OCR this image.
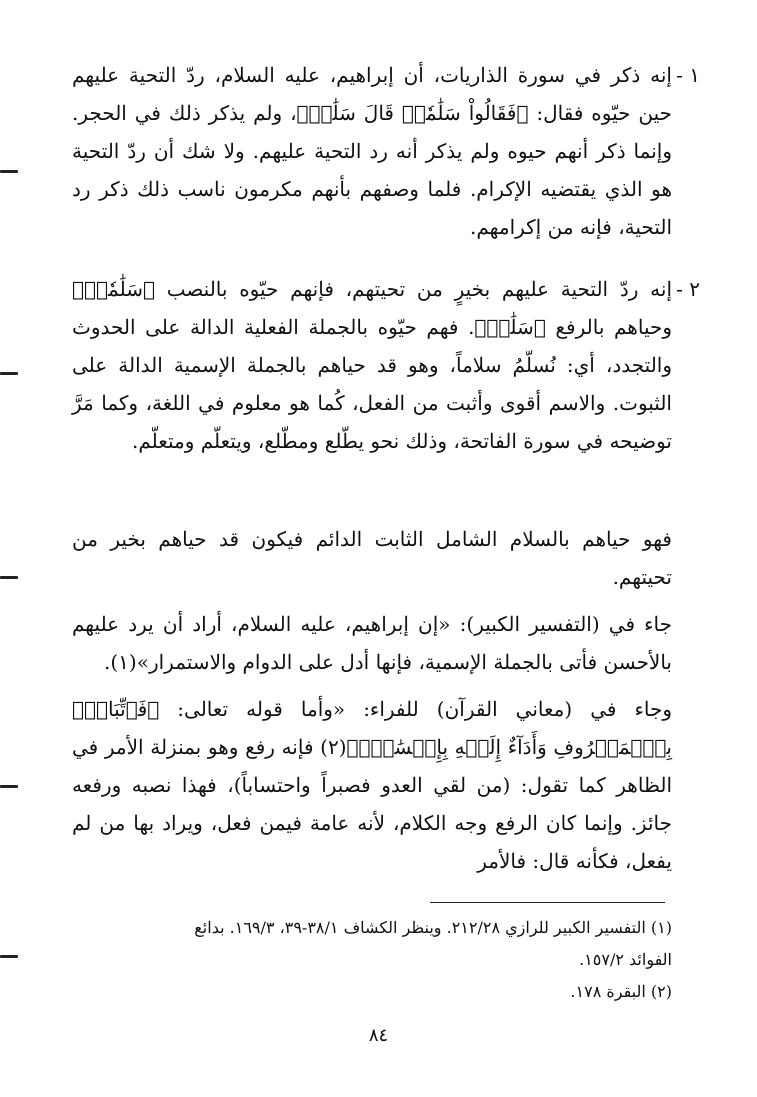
١ -
إنه ذكر في سورة الذاريات، أن إبراهيم، عليه السلام، ردّ التحية عليهم حين حيّوه فقال: ﴿فَقَالُواْ سَلَٰمٗاۖ قَالَ سَلَٰمٞ﴾، ولم يذكر ذلك في الحجر. وإنما ذكر أنهم حيوه ولم يذكر أنه رد التحية عليهم. ولا شك أن ردّ التحية هو الذي يقتضيه الإكرام. فلما وصفهم بأنهم مكرمون ناسب ذلك ذكر رد التحية، فإنه من إكرامهم.
٢ -
إنه ردّ التحية عليهم بخيرٍ من تحيتهم، فإنهم حيّوه بالنصب ﴿سَلَٰمٗاۖ﴾ وحياهم بالرفع ﴿سَلَٰمٞ﴾. فهم حيّوه بالجملة الفعلية الدالة على الحدوث والتجدد، أي: نُسلّمُ سلاماً، وهو قد حياهم بالجملة الإسمية الدالة على الثبوت. والاسم أقوى وأثبت من الفعل، كُما هو معلوم في اللغة، وكما مَرَّ توضيحه في سورة الفاتحة، وذلك نحو يطّلع ومطّلع، ويتعلّم ومتعلّم.
فهو حياهم بالسلام الشامل الثابت الدائم فيكون قد حياهم بخير من تحيتهم.
جاء في (التفسير الكبير): «إن إبراهيم، عليه السلام، أراد أن يرد عليهم بالأحسن فأتى بالجملة الإسمية، فإنها أدل على الدوام والاستمرار»(١).
وجاء في (معاني القرآن) للفراء: «وأما قوله تعالى: ﴿فَٱتِّبَاعُۢ بِٱلۡمَعۡرُوفِ وَأَدَآءٌ إِلَيۡهِ بِإِحۡسَٰنٖۗ﴾(٢) فإنه رفع وهو بمنزلة الأمر في الظاهر كما تقول: (من لقي العدو فصبراً واحتساباً)، فهذا نصبه ورفعه جائز. وإنما كان الرفع وجه الكلام، لأنه عامة فيمن فعل، ويراد بها من لم يفعل، فكأنه قال: فالأمر
(١) التفسير الكبير للرازي ٢١٢/٢٨. وينظر الكشاف ٣٨/١-٣٩، ١٦٩/٣. بدائع
الفوائد ١٥٧/٢.
(٢) البقرة ١٧٨.
٨٤
